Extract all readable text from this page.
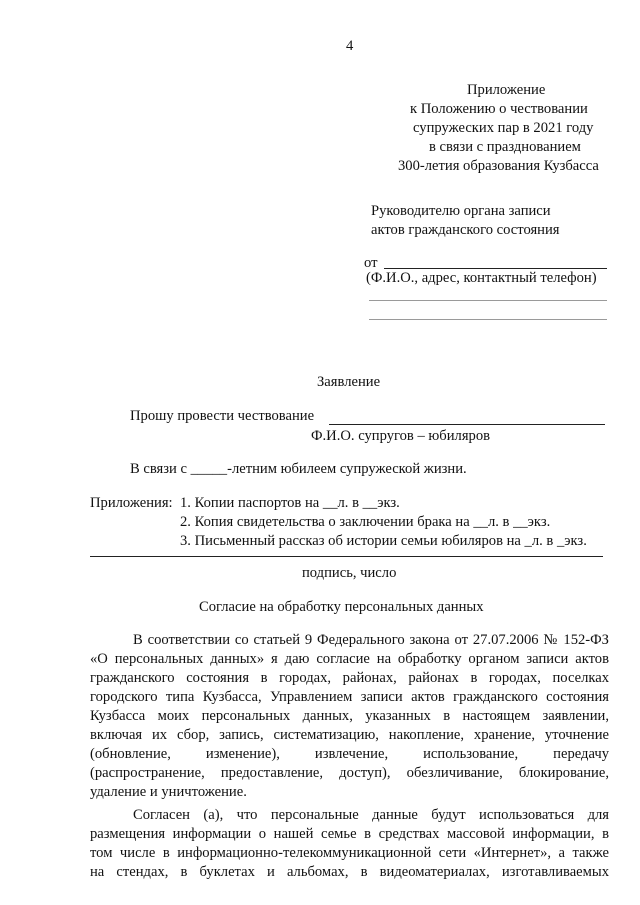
4
Приложение
к Положению о чествовании
супружеских пар в 2021 году
в связи с празднованием
300-летия образования Кузбасса
Руководителю органа записи
актов гражданского состояния
от
(Ф.И.О., адрес, контактный телефон)
Заявление
Прошу провести чествование
Ф.И.О. супругов – юбиляров
В связи с _____-летним юбилеем супружеской жизни.
Приложения: 1. Копии паспортов на __л. в __экз.
2. Копия свидетельства о заключении брака на __л. в __экз.
3. Письменный рассказ об истории семьи юбиляров на _л. в _экз.
подпись, число
Согласие на обработку персональных данных
В соответствии со статьей 9 Федерального закона от 27.07.2006 № 152-ФЗ
«О персональных данных» я даю согласие на обработку органом записи актов
гражданского состояния в городах, районах, районах в городах, поселках
городского типа Кузбасса, Управлением записи актов гражданского состояния
Кузбасса моих персональных данных, указанных в настоящем заявлении,
включая их сбор, запись, систематизацию, накопление, хранение, уточнение
(обновление, изменение), извлечение, использование, передачу
(распространение, предоставление, доступ), обезличивание, блокирование,
удаление и уничтожение.
Согласен (а), что персональные данные будут использоваться для
размещения информации о нашей семье в средствах массовой информации, в
том числе в информационно-телекоммуникационной сети «Интернет», а также
на стендах, в буклетах и альбомах, в видеоматериалах, изготавливаемых
